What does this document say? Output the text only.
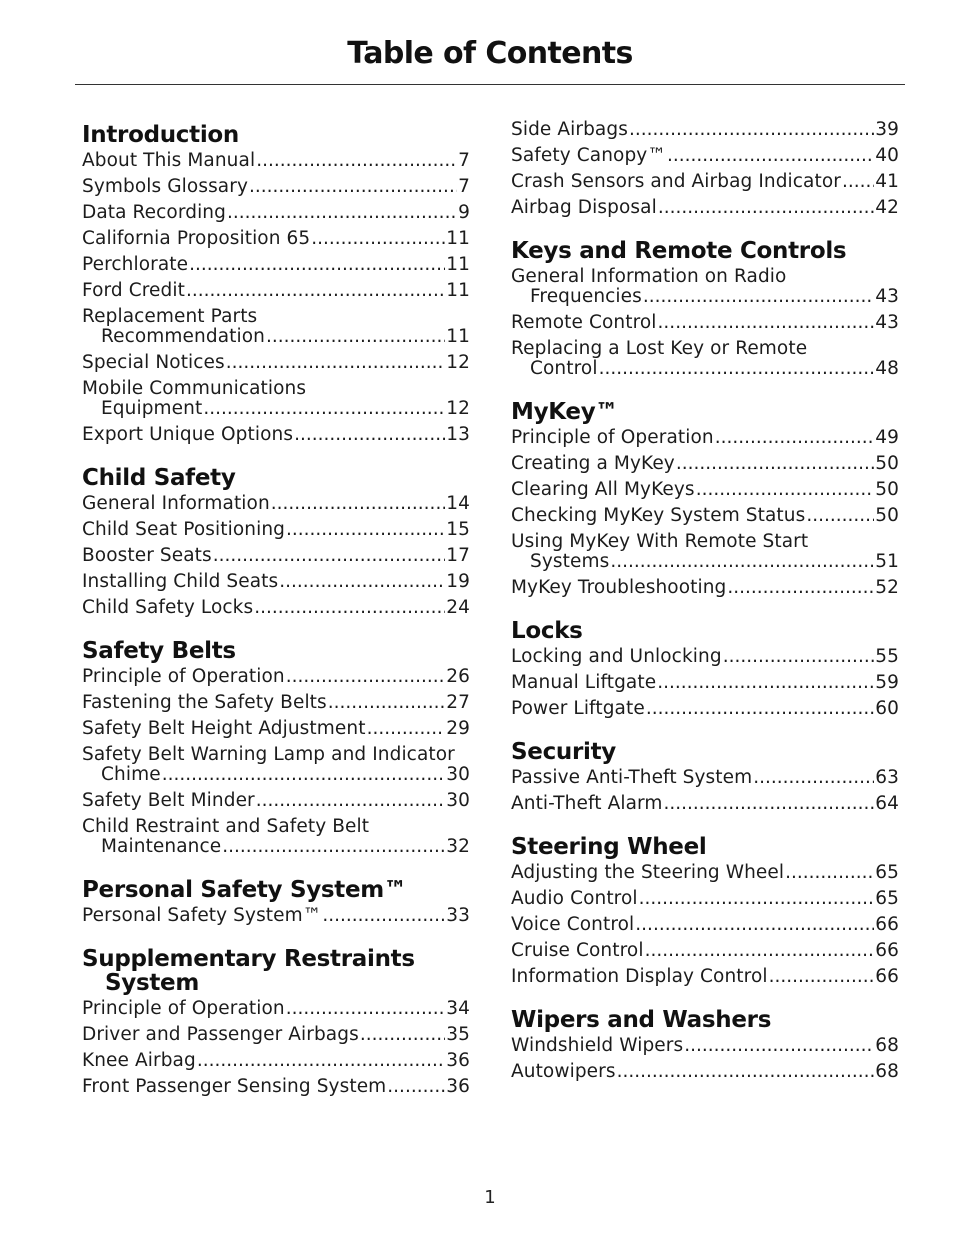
Table of Contents
Introduction
About This Manual .....	7
Symbols Glossary .....	7
Data Recording .....	9
California Proposition 65 .....	11
Perchlorate .....	11
Ford Credit .....	11
Replacement Parts
Recommendation .....	11
Special Notices .....	12
Mobile Communications
Equipment .....	12
Export Unique Options .....	13
Child Safety
General Information .....	14
Child Seat Positioning .....	15
Booster Seats .....	17
Installing Child Seats .....	19
Child Safety Locks .....	24
Safety Belts
Principle of Operation .....	26
Fastening the Safety Belts .....	27
Safety Belt Height Adjustment .....	29
Safety Belt Warning Lamp and Indicator
Chime .....	30
Safety Belt Minder .....	30
Child Restraint and Safety Belt
Maintenance .....	32
Personal Safety System™
Personal Safety System™ .....	33
Supplementary Restraints
System
Principle of Operation .....	34
Driver and Passenger Airbags .....	35
Knee Airbag .....	36
Front Passenger Sensing System .....	36
Side Airbags .....	39
Safety Canopy™ .....	40
Crash Sensors and Airbag Indicator ..... 41
Airbag Disposal .....	42
Keys and Remote Controls
General Information on Radio
Frequencies .....	43
Remote Control .....	43
Replacing a Lost Key or Remote
Control .....	48
MyKey™
Principle of Operation .....	49
Creating a MyKey .....	50
Clearing All MyKeys .....	50
Checking MyKey System Status .....	50
Using MyKey With Remote Start
Systems .....	51
MyKey Troubleshooting .....	52
Locks
Locking and Unlocking .....	55
Manual Liftgate .....	59
Power Liftgate .....	60
Security
Passive Anti-Theft System .....	63
Anti-Theft Alarm .....	64
Steering Wheel
Adjusting the Steering Wheel .....	65
Audio Control .....	65
Voice Control .....	66
Cruise Control .....	66
Information Display Control .....	66
Wipers and Washers
Windshield Wipers .....	68
Autowipers .....	68
1
